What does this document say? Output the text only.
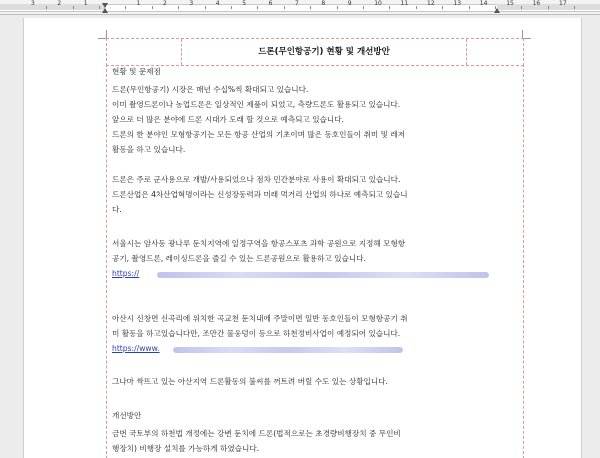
3	2	1	1	2	3	4	5	6	7	8	9	10	11	12	13	14	15	16	17
드론(무인항공기) 현황 및 개선방안
현황 및 문제점
드론(무인항공기) 시장은 매년 수십%씩 확대되고 있습니다.
이미 촬영드론이나 농업드론은 일상적인 제품이 되었고, 측량드론도 활용되고 있습니다.
앞으로 더 많은 분야에 드론 시대가 도래 할 것으로 예측되고 있습니다.
드론의 한 분야인 모형항공기는 모든 항공 산업의 기초이며 많은 동호인들이 취미 및 레저
활동을 하고 있습니다.
드론은 주로 군사용으로 개발/사용되었으나 점차 민간분야로 사용이 확대되고 있습니다.
드론산업은 4차산업혁명이라는 신성장동력과 미래 먹거리 산업의 하나로 예측되고 있습니
다.
서울시는 암사동 광나루 둔치지역에 일정구역을 항공스포츠 과학 공원으로 지정해 모형항
공기, 촬영드론, 레이싱드론을 즐길 수 있는 드론공원으로 활용하고 있습니다.
https://
아산시 신창면 신곡리에 위치한 곡교천 둔치내에 주말이면 일반 동호인들이 모형항공기 취
미 활동을 하고있습니다만, 조만간 물웅덩이 등으로 하천정비사업이 예정되어 있습니다.
https://www.
그나마 싹뜨고 있는 아산지역 드론활동의 불씨를 꺼트려 버릴 수도 있는 상황입니다.
개선방안
금번 국토부의 하천법 개정에는 강변 둔치에 드론(법적으로는 초경량비행장치 중 무인비
행장치) 비행장 설치를 가능하게 하였습니다.
